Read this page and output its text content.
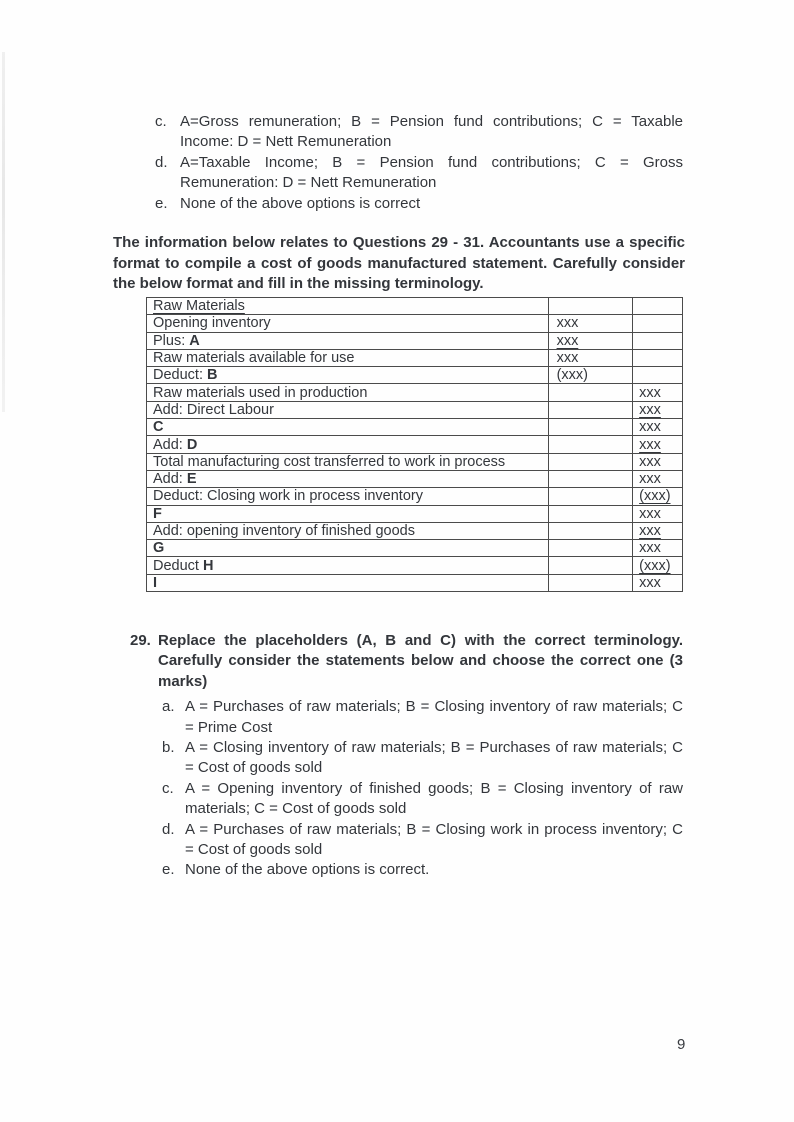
c. A=Gross remuneration; B = Pension fund contributions; C = Taxable Income: D = Nett Remuneration
d. A=Taxable Income; B = Pension fund contributions; C = Gross Remuneration: D = Nett Remuneration
e. None of the above options is correct

The information below relates to Questions 29 - 31. Accountants use a specific format to compile a cost of goods manufactured statement. Carefully consider the below format and fill in the missing terminology.

Raw Materials		
Opening inventory	xxx	
Plus: A	xxx	
Raw materials available for use	xxx	
Deduct: B	(xxx)	
Raw materials used in production		xxx
Add: Direct Labour		xxx
C		xxx
Add: D		xxx
Total manufacturing cost transferred to work in process		xxx
Add: E		xxx
Deduct: Closing work in process inventory		(xxx)
F		xxx
Add: opening inventory of finished goods		xxx
G		xxx
Deduct H		(xxx)
I		xxx

29. Replace the placeholders (A, B and C) with the correct terminology. Carefully consider the statements below and choose the correct one (3 marks)

a. A = Purchases of raw materials; B = Closing inventory of raw materials; C = Prime Cost
b. A = Closing inventory of raw materials; B = Purchases of raw materials; C = Cost of goods sold
c. A = Opening inventory of finished goods; B = Closing inventory of raw materials; C = Cost of goods sold
d. A = Purchases of raw materials; B = Closing work in process inventory; C = Cost of goods sold
e. None of the above options is correct.
9
